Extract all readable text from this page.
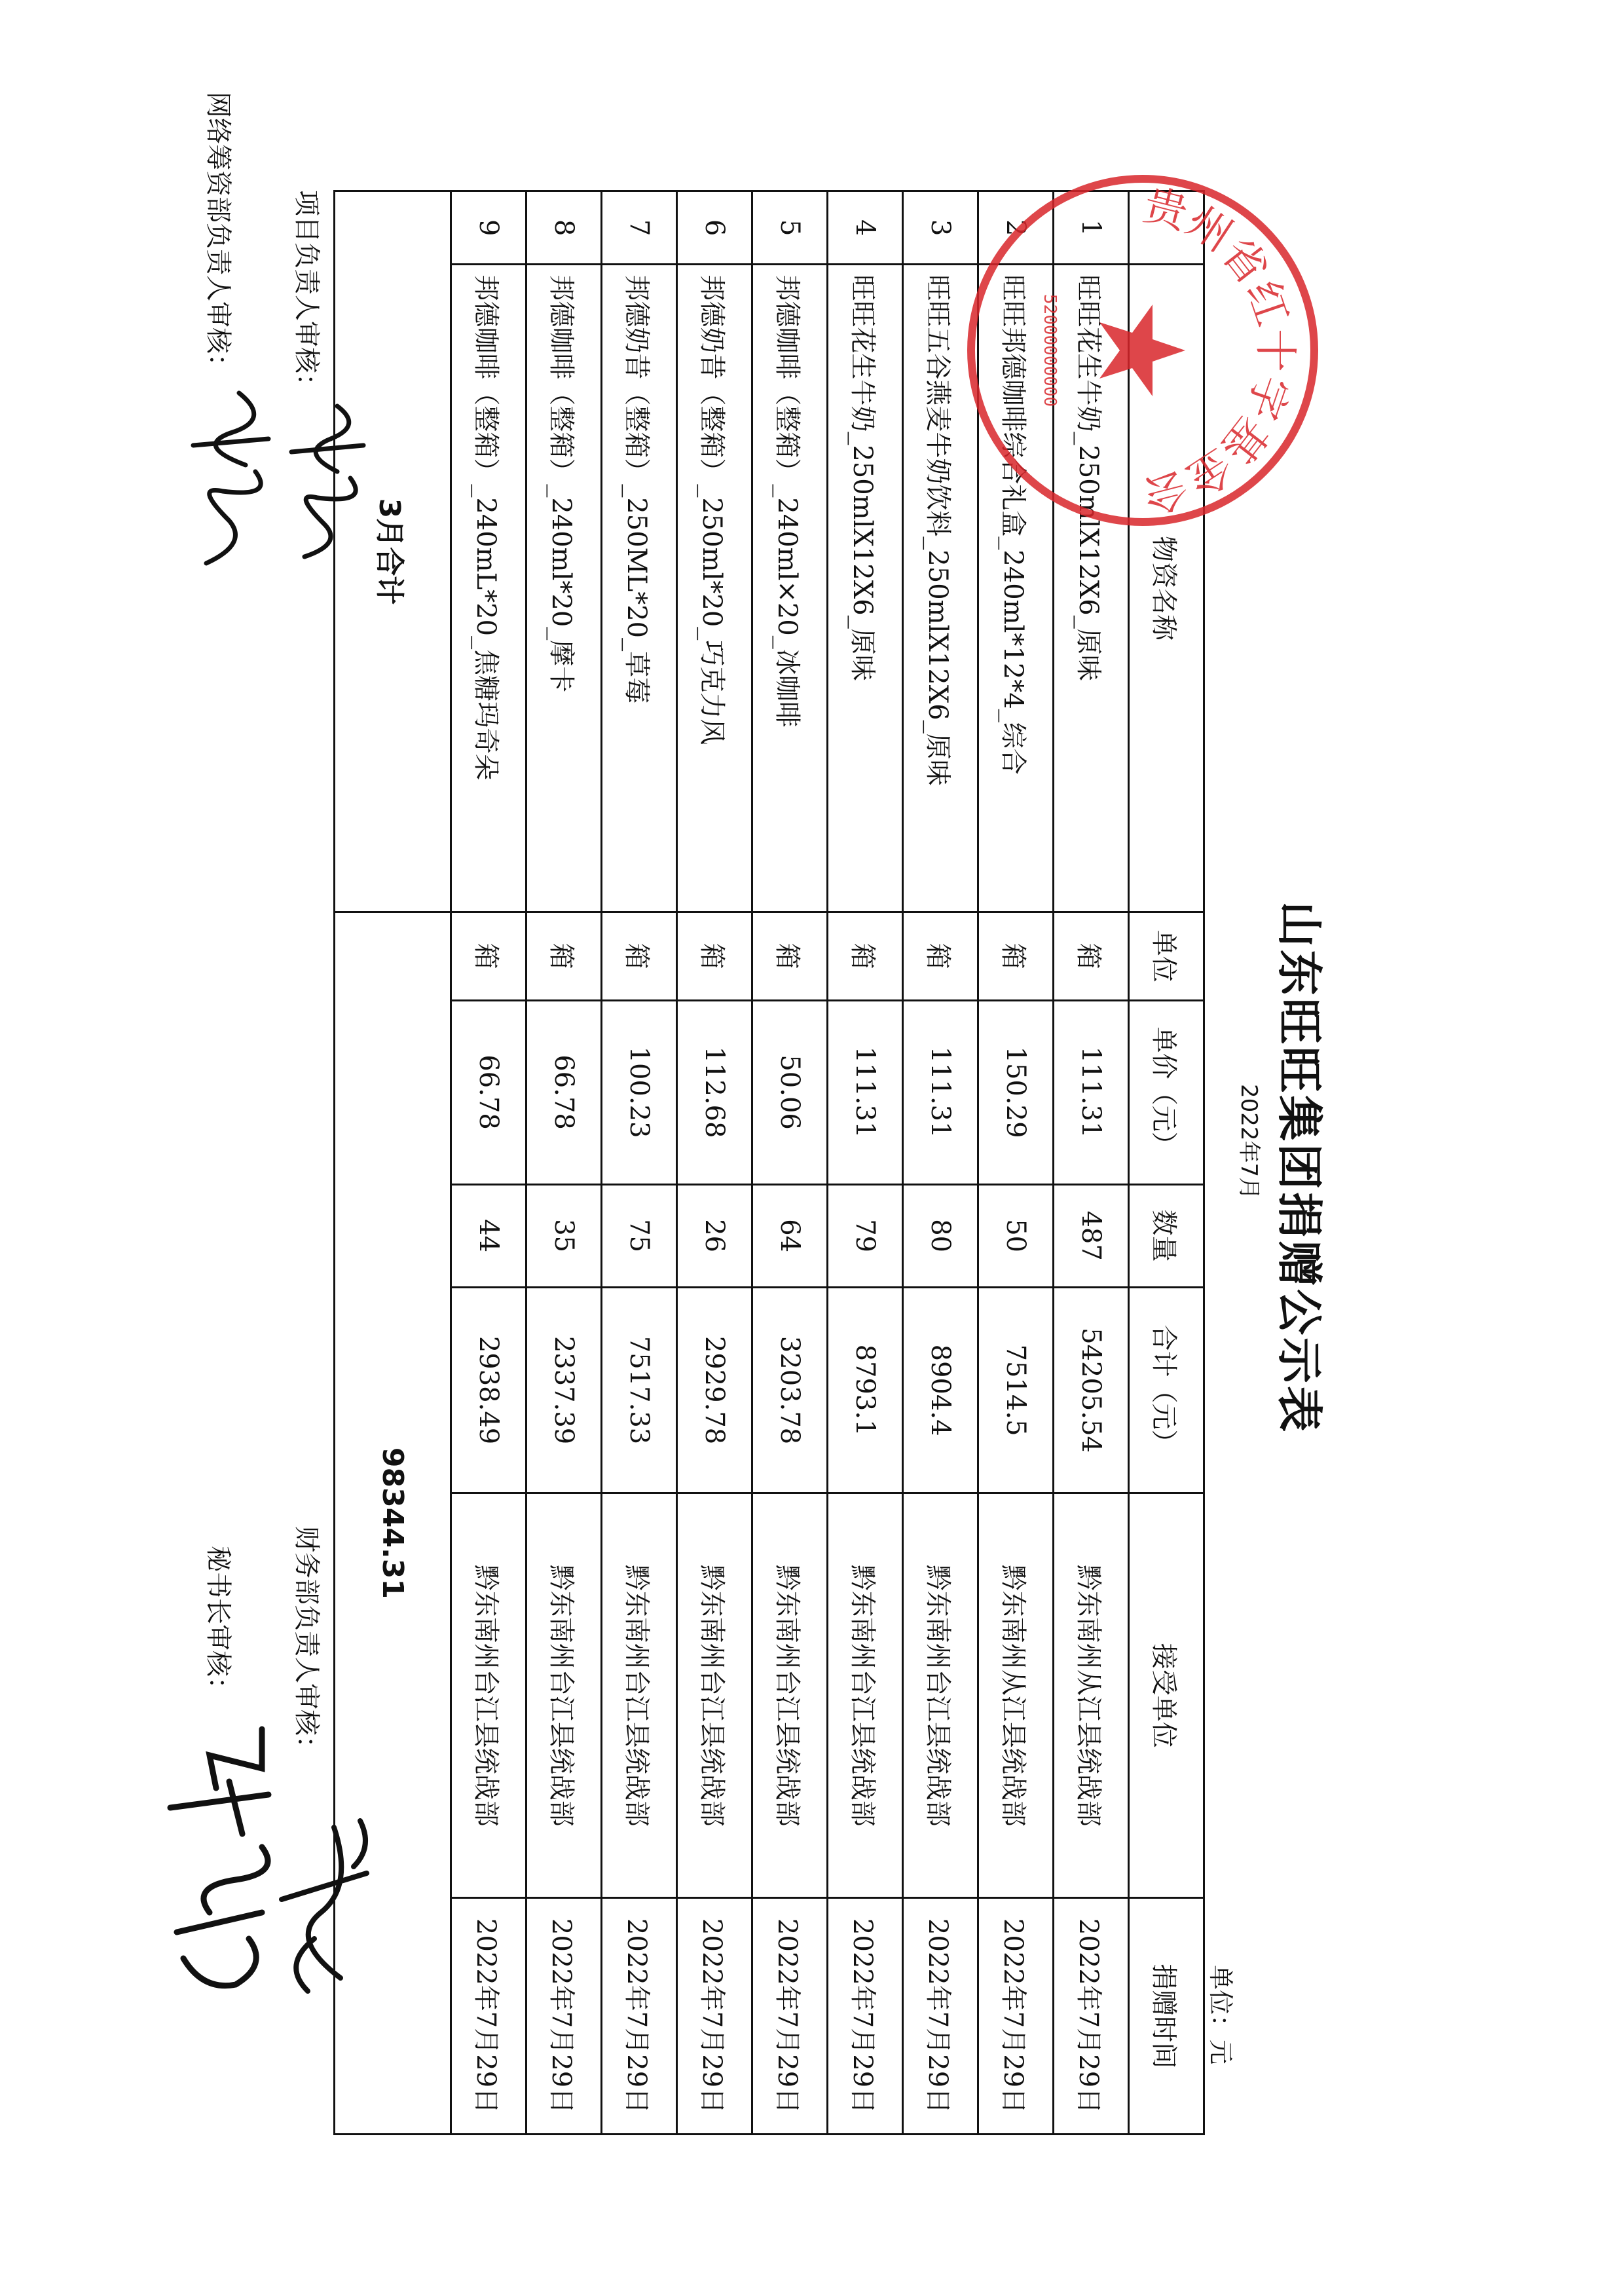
山东旺旺集团捐赠公示表
2022年7月
单位：元
	物资名称	单位	单价（元）	数量	合计（元）	接受单位	捐赠时间
1	旺旺花生牛奶_250mlX12X6_原味	箱	111.31	487	54205.54	黔东南州从江县统战部	2022年7月29日
2	旺旺邦德咖啡综合礼盒_240ml*12*4_综合	箱	150.29	50	7514.5	黔东南州从江县统战部	2022年7月29日
3	旺旺五谷燕麦牛奶饮料_250mlX12X6_原味	箱	111.31	80	8904.4	黔东南州台江县统战部	2022年7月29日
4	旺旺花生牛奶_250mlX12X6_原味	箱	111.31	79	8793.1	黔东南州台江县统战部	2022年7月29日
5	邦德咖啡（整箱）_240ml×20_冰咖啡	箱	50.06	64	3203.78	黔东南州台江县统战部	2022年7月29日
6	邦德奶昔（整箱）_250ml*20_巧克力风	箱	112.68	26	2929.78	黔东南州台江县统战部	2022年7月29日
7	邦德奶昔（整箱）_250ML*20_草莓	箱	100.23	75	7517.33	黔东南州台江县统战部	2022年7月29日
8	邦德咖啡（整箱）_240ml*20_摩卡	箱	66.78	35	2337.39	黔东南州台江县统战部	2022年7月29日
9	邦德咖啡（整箱）_240mL*20_焦糖玛奇朵	箱	66.78	44	2938.49	黔东南州台江县统战部	2022年7月29日
3月合计		98344.31					
贵州省红十字基金会
52000000000
项目负责人审核：
网络筹资部负责人审核：
财务部负责人审核：
秘书长审核：
